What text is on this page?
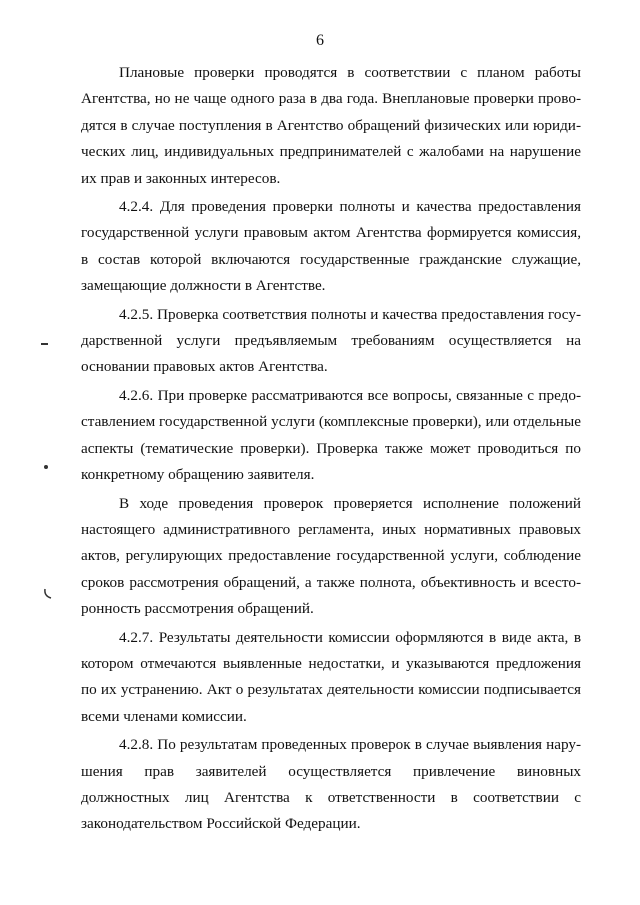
6

Плановые проверки проводятся в соответствии с планом работы Агентства, но не чаще одного раза в два года. Внеплановые проверки проводятся в случае поступления в Агентство обращений физических или юридических лиц, индивидуальных предпринимателей с жалобами на нарушение их прав и законных интересов.

4.2.4. Для проведения проверки полноты и качества предоставления государственной услуги правовым актом Агентства формируется комиссия, в состав которой включаются государственные гражданские служащие, замещающие должности в Агентстве.

4.2.5. Проверка соответствия полноты и качества предоставления государственной услуги предъявляемым требованиям осуществляется на основании правовых актов Агентства.

4.2.6. При проверке рассматриваются все вопросы, связанные с предоставлением государственной услуги (комплексные проверки), или отдельные аспекты (тематические проверки). Проверка также может проводиться по конкретному обращению заявителя.

В ходе проведения проверок проверяется исполнение положений настоящего административного регламента, иных нормативных правовых актов, регулирующих предоставление государственной услуги, соблюдение сроков рассмотрения обращений, а также полнота, объективность и всесторонность рассмотрения обращений.

4.2.7. Результаты деятельности комиссии оформляются в виде акта, в котором отмечаются выявленные недостатки, и указываются предложения по их устранению. Акт о результатах деятельности комиссии подписывается всеми членами комиссии.

4.2.8. По результатам проведенных проверок в случае выявления нарушения прав заявителей осуществляется привлечение виновных должностных лиц Агентства к ответственности в соответствии с законодательством Российской Федерации.
